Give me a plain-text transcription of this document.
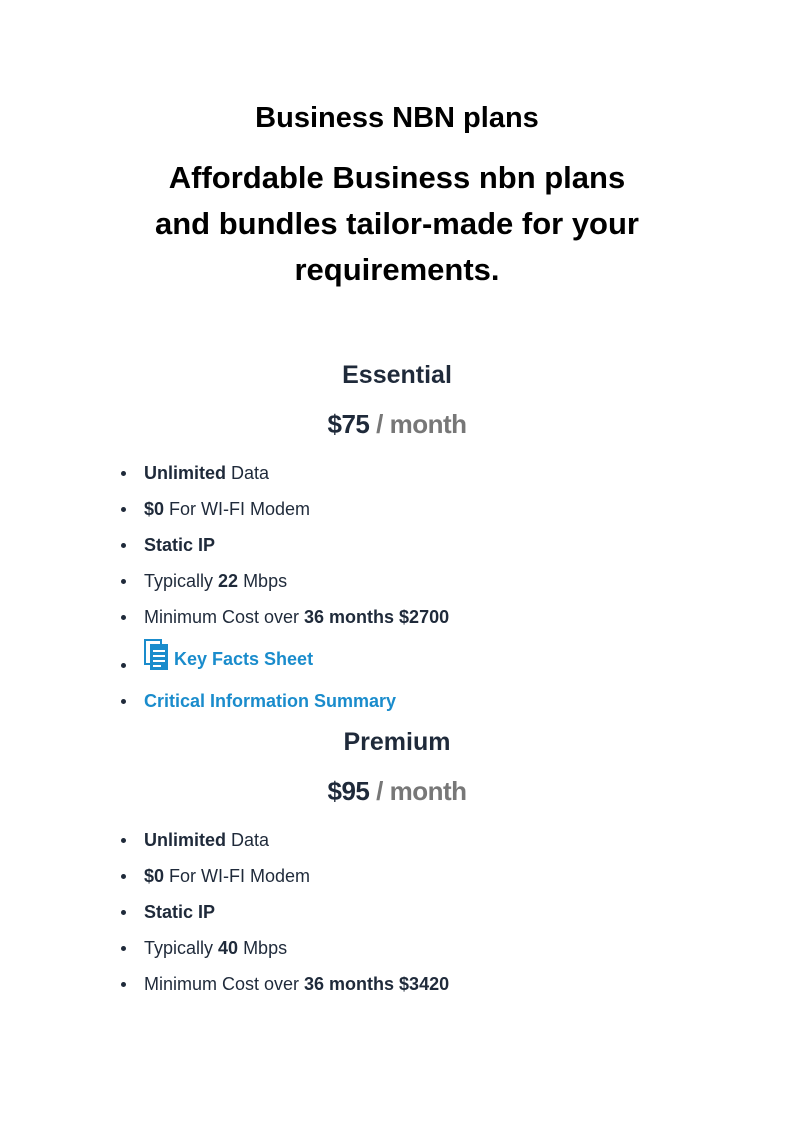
Business NBN plans
Affordable Business nbn plans and bundles tailor-made for your requirements.
Essential
$75 / month
Unlimited Data
$0 For WI-FI Modem
Static IP
Typically 22 Mbps
Minimum Cost over 36 months $2700
Key Facts Sheet
Critical Information Summary
Premium
$95 / month
Unlimited Data
$0 For WI-FI Modem
Static IP
Typically 40 Mbps
Minimum Cost over 36 months $3420
